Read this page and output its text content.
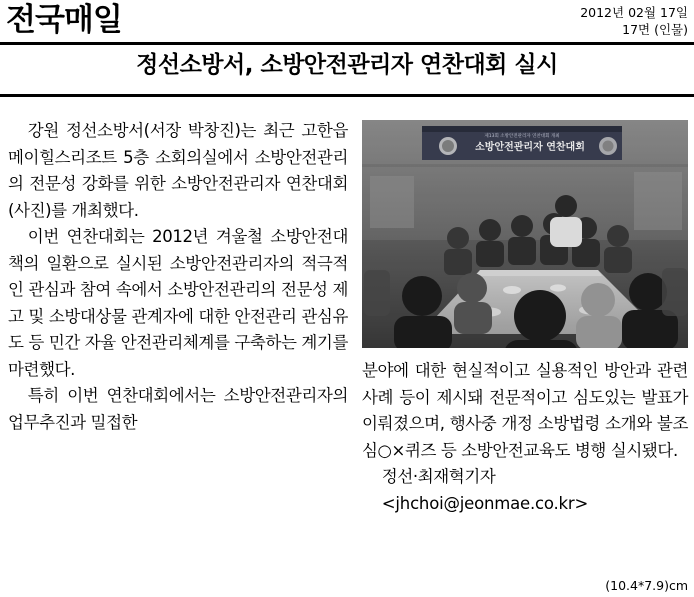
전국매일	2012년 02월 17일
17면 (인물)
정선소방서, 소방안전관리자 연찬대회 실시

강원 정선소방서(서장 박창진)는 최근 고한읍 메이힐스리조트 5층 소회의실에서 소방안전관리의 전문성 강화를 위한 소방안전관리자 연찬대회(사진)를 개최했다.

이번 연찬대회는 2012년 겨울철 소방안전대책의 일환으로 실시된 소방안전관리자의 적극적인 관심과 참여 속에서 소방안전관리의 전문성 제고 및 소방대상물 관계자에 대한 안전관리 관심유도 등 민간 자율 안전관리체계를 구축하는 계기를 마련했다.

특히 이번 연찬대회에서는 소방안전관리자의 업무추진과 밀접한

제13회 소방안전관리자 연찬대회 개최
소방안전관리자 연찬대회

분야에 대한 현실적이고 실용적인 방안과 관련사례 등이 제시돼 전문적이고 심도있는 발표가 이뤄졌으며, 행사중 개정 소방법령 소개와 불조심○×퀴즈 등 소방안전교육도 병행 실시됐다.

정선‧최재혁기자

<jhchoi@jeonmae.co.kr>

(10.4*7.9)cm
